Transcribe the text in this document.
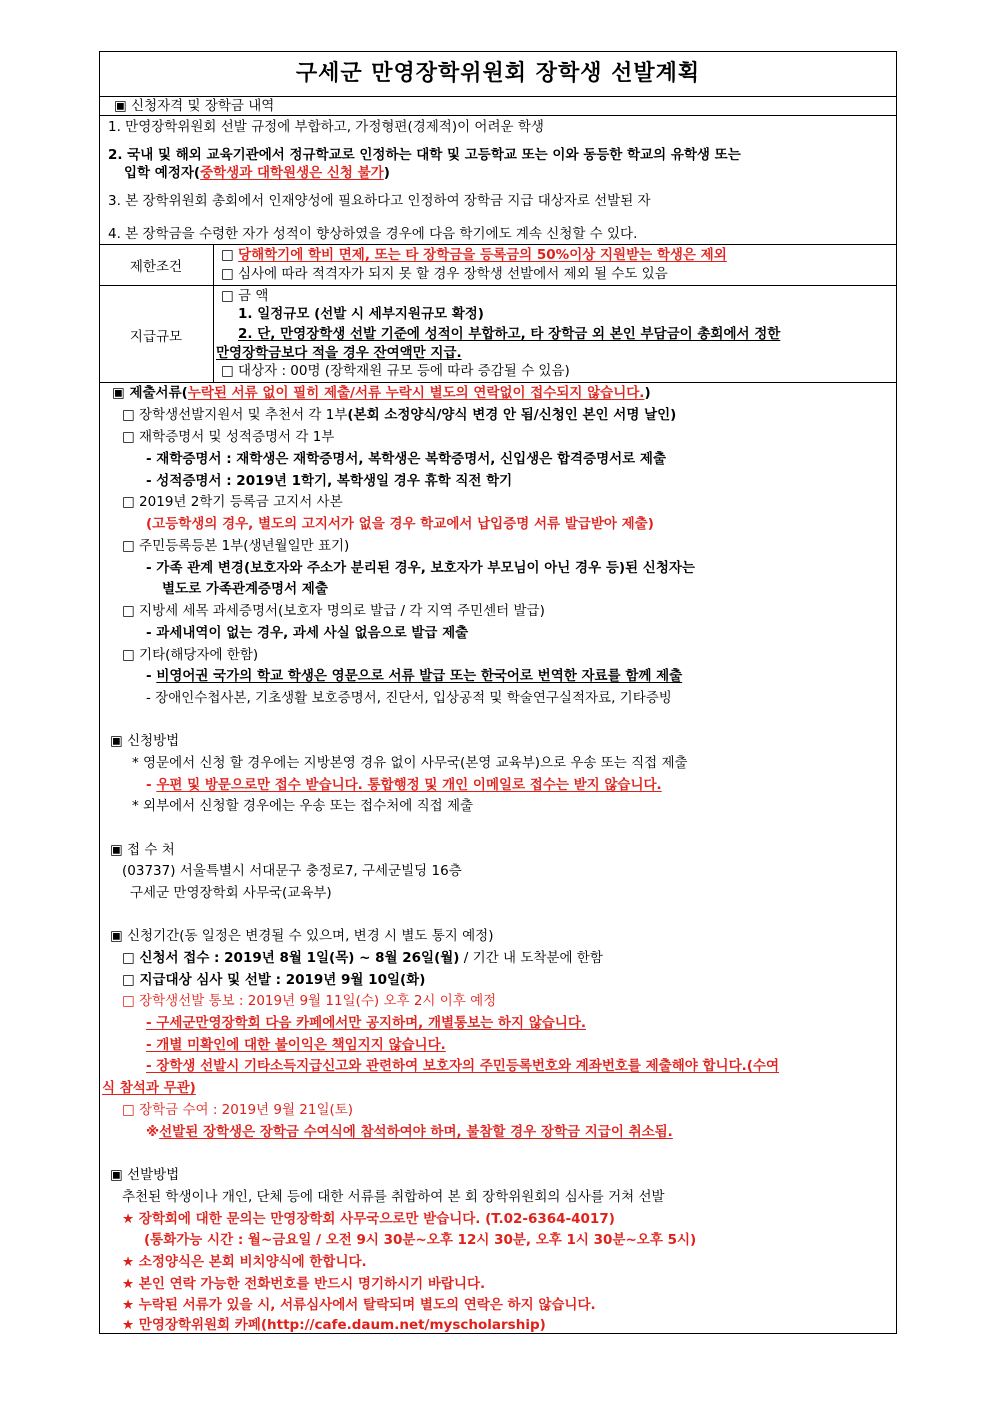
구세군 만영장학위원회 장학생 선발계획
▣ 신청자격 및 장학금 내역
1. 만영장학위원회 선발 규정에 부합하고, 가정형편(경제적)이 어려운 학생
2. 국내 및 해외 교육기관에서 정규학교로 인정하는 대학 및 고등학교 또는 이와 동등한 학교의 유학생 또는
입학 예정자(중학생과 대학원생은 신청 불가)
3. 본 장학위원회 총회에서 인재양성에 필요하다고 인정하여 장학금 지급 대상자로 선발된 자
4. 본 장학금을 수령한 자가 성적이 향상하였을 경우에 다음 학기에도 계속 신청할 수 있다.
제한조건
□ 당해학기에 학비 면제, 또는 타 장학금을 등록금의 50%이상 지원받는 학생은 제외
□ 심사에 따라 적격자가 되지 못 할 경우 장학생 선발에서 제외 될 수도 있음
지급규모
□ 금 액
1. 일정규모 (선발 시 세부지원규모 확정)
2. 단, 만영장학생 선발 기준에 성적이 부합하고, 타 장학금 외 본인 부담금이 총회에서 정한
만영장학금보다 적을 경우 잔여액만 지급.
□ 대상자 : 00명 (장학재원 규모 등에 따라 증감될 수 있음)
▣ 제출서류(누락된 서류 없이 필히 제출/서류 누락시 별도의 연락없이 접수되지 않습니다.)
□ 장학생선발지원서 및 추천서 각 1부(본회 소정양식/양식 변경 안 됨/신청인 본인 서명 날인)
□ 재학증명서 및 성적증명서 각 1부
- 재학증명서 : 재학생은 재학증명서, 복학생은 복학증명서, 신입생은 합격증명서로 제출
- 성적증명서 : 2019년 1학기, 복학생일 경우 휴학 직전 학기
□ 2019년 2학기 등록금 고지서 사본
(고등학생의 경우, 별도의 고지서가 없을 경우 학교에서 납입증명 서류 발급받아 제출)
□ 주민등록등본 1부(생년월일만 표기)
- 가족 관계 변경(보호자와 주소가 분리된 경우, 보호자가 부모님이 아닌 경우 등)된 신청자는
별도로 가족관계증명서 제출
□ 지방세 세목 과세증명서(보호자 명의로 발급 / 각 지역 주민센터 발급)
- 과세내역이 없는 경우, 과세 사실 없음으로 발급 제출
□ 기타(해당자에 한함)
- 비영어권 국가의 학교 학생은 영문으로 서류 발급 또는 한국어로 번역한 자료를 함께 제출
- 장애인수첩사본, 기초생활 보호증명서, 진단서, 입상공적 및 학술연구실적자료, 기타증빙
▣ 신청방법
* 영문에서 신청 할 경우에는 지방본영 경유 없이 사무국(본영 교육부)으로 우송 또는 직접 제출
- 우편 및 방문으로만 접수 받습니다. 통합행정 및 개인 이메일로 접수는 받지 않습니다.
* 외부에서 신청할 경우에는 우송 또는 접수처에 직접 제출
▣ 접 수 처
(03737) 서울특별시 서대문구 충정로7, 구세군빌딩 16층
구세군 만영장학회 사무국(교육부)
▣ 신청기간(동 일정은 변경될 수 있으며, 변경 시 별도 통지 예정)
□ 신청서 접수 : 2019년 8월 1일(목) ~ 8월 26일(월) / 기간 내 도착분에 한함
□ 지급대상 심사 및 선발 : 2019년 9월 10일(화)
□ 장학생선발 통보 : 2019년 9월 11일(수) 오후 2시 이후 예정
- 구세군만영장학회 다음 카페에서만 공지하며, 개별통보는 하지 않습니다.
- 개별 미확인에 대한 불이익은 책임지지 않습니다.
- 장학생 선발시 기타소득지급신고와 관련하여 보호자의 주민등록번호와 계좌번호를 제출해야 합니다.(수여
식 참석과 무관)
□ 장학금 수여 : 2019년 9월 21일(토)
※선발된 장학생은 장학금 수여식에 참석하여야 하며, 불참할 경우 장학금 지급이 취소됨.
▣ 선발방법
추천된 학생이나 개인, 단체 등에 대한 서류를 취합하여 본 회 장학위원회의 심사를 거쳐 선발
★ 장학회에 대한 문의는 만영장학회 사무국으로만 받습니다. (T.02-6364-4017)
(통화가능 시간 : 월~금요일 / 오전 9시 30분~오후 12시 30분, 오후 1시 30분~오후 5시)
★ 소정양식은 본회 비치양식에 한합니다.
★ 본인 연락 가능한 전화번호를 반드시 명기하시기 바랍니다.
★ 누락된 서류가 있을 시, 서류심사에서 탈락되며 별도의 연락은 하지 않습니다.
★ 만영장학위원회 카페(http://cafe.daum.net/myscholarship)
